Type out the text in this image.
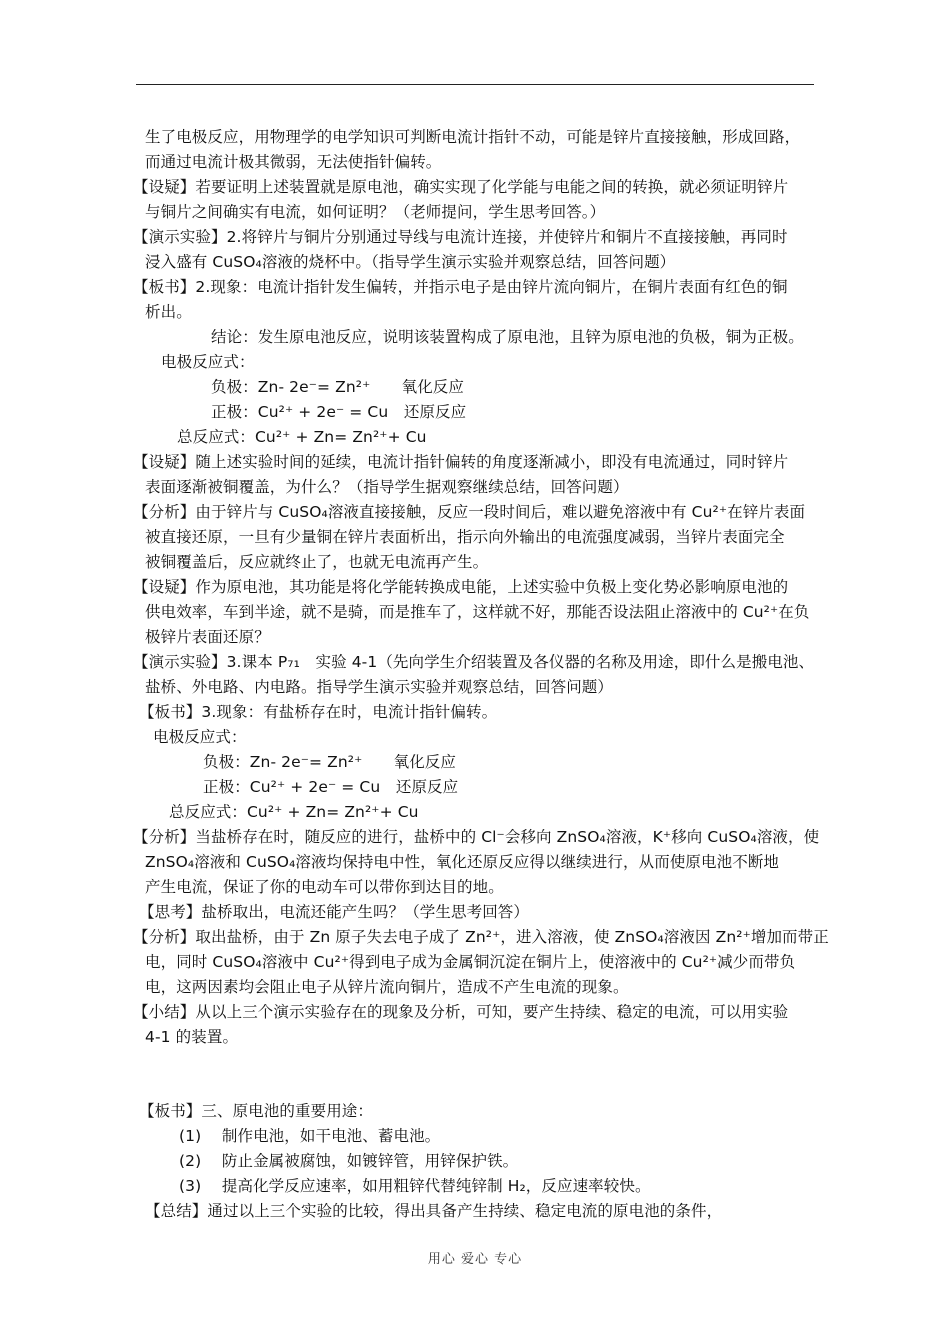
生了电极反应，用物理学的电学知识可判断电流计指针不动，可能是锌片直接接触，形成回路，
而通过电流计极其微弱，无法使指针偏转。
【设疑】若要证明上述装置就是原电池，确实实现了化学能与电能之间的转换，就必须证明锌片
与铜片之间确实有电流，如何证明？（老师提问，学生思考回答。）
【演示实验】2.将锌片与铜片分别通过导线与电流计连接，并使锌片和铜片不直接接触，再同时
浸入盛有 CuSO₄溶液的烧杯中。（指导学生演示实验并观察总结，回答问题）
【板书】2.现象：电流计指针发生偏转，并指示电子是由锌片流向铜片，在铜片表面有红色的铜
析出。
结论：发生原电池反应，说明该装置构成了原电池，且锌为原电池的负极，铜为正极。
电极反应式：
负极：Zn- 2e⁻= Zn²⁺　　氧化反应
正极：Cu²⁺ + 2e⁻ = Cu　还原反应
总反应式：Cu²⁺ + Zn= Zn²⁺+ Cu
【设疑】随上述实验时间的延续，电流计指针偏转的角度逐渐减小，即没有电流通过，同时锌片
表面逐渐被铜覆盖，为什么？（指导学生据观察继续总结，回答问题）
【分析】由于锌片与 CuSO₄溶液直接接触，反应一段时间后，难以避免溶液中有 Cu²⁺在锌片表面
被直接还原，一旦有少量铜在锌片表面析出，指示向外输出的电流强度减弱，当锌片表面完全
被铜覆盖后，反应就终止了，也就无电流再产生。
【设疑】作为原电池，其功能是将化学能转换成电能，上述实验中负极上变化势必影响原电池的
供电效率，车到半途，就不是骑，而是推车了，这样就不好，那能否设法阻止溶液中的 Cu²⁺在负
极锌片表面还原？
【演示实验】3.课本 P₇₁　实验 4-1（先向学生介绍装置及各仪器的名称及用途，即什么是搬电池、
盐桥、外电路、内电路。指导学生演示实验并观察总结，回答问题）
【板书】3.现象：有盐桥存在时，电流计指针偏转。
电极反应式：
负极：Zn- 2e⁻= Zn²⁺　　氧化反应
正极：Cu²⁺ + 2e⁻ = Cu　还原反应
总反应式：Cu²⁺ + Zn= Zn²⁺+ Cu
【分析】当盐桥存在时，随反应的进行，盐桥中的 Cl⁻会移向 ZnSO₄溶液，K⁺移向 CuSO₄溶液，使
ZnSO₄溶液和 CuSO₄溶液均保持电中性，氧化还原反应得以继续进行，从而使原电池不断地
产生电流，保证了你的电动车可以带你到达目的地。
【思考】盐桥取出，电流还能产生吗？（学生思考回答）
【分析】取出盐桥，由于 Zn 原子失去电子成了 Zn²⁺，进入溶液，使 ZnSO₄溶液因 Zn²⁺增加而带正
电，同时 CuSO₄溶液中 Cu²⁺得到电子成为金属铜沉淀在铜片上，使溶液中的 Cu²⁺减少而带负
电，这两因素均会阻止电子从锌片流向铜片，造成不产生电流的现象。
【小结】从以上三个演示实验存在的现象及分析，可知，要产生持续、稳定的电流，可以用实验
4-1 的装置。
【板书】三、原电池的重要用途：
(1)　 制作电池，如干电池、蓄电池。
(2)　 防止金属被腐蚀，如镀锌管，用锌保护铁。
(3)　 提高化学反应速率，如用粗锌代替纯锌制 H₂，反应速率较快。
【总结】通过以上三个实验的比较，得出具备产生持续、稳定电流的原电池的条件，
用心 爱心 专心
